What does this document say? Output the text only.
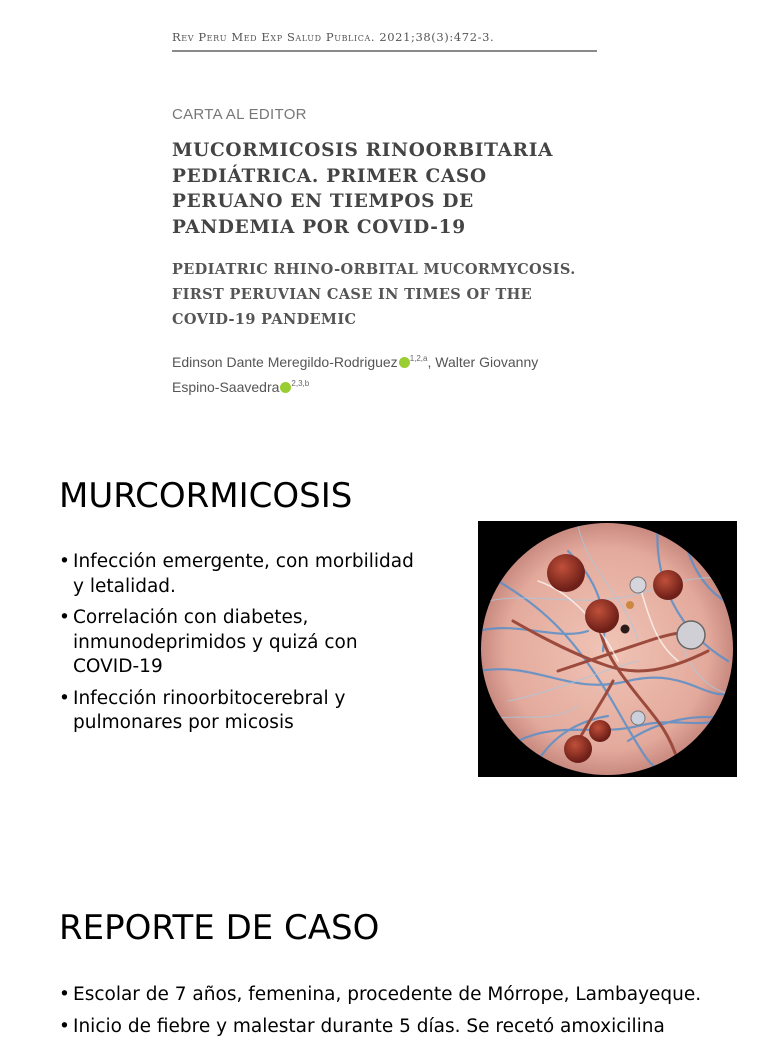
Rev Peru Med Exp Salud Publica. 2021;38(3):472-3.
CARTA AL EDITOR
MUCORMICOSIS RINOORBITARIA
PEDIÁTRICA. PRIMER CASO
PERUANO EN TIEMPOS DE
PANDEMIA POR COVID-19
PEDIATRIC RHINO-ORBITAL MUCORMYCOSIS.
FIRST PERUVIAN CASE IN TIMES OF THE
COVID-19 PANDEMIC
Edinson Dante Meregildo-Rodriguez $^{1,2,a}$, Walter Giovanny
Espino-Saavedra $^{2,3,b}$
MURCORMICOSIS
• Infección emergente, con morbilidad y letalidad.
• Correlación con diabetes, inmunodeprimidos y quizá con COVID-19
• Infección rinoorbitocerebral y pulmonares por micosis
REPORTE DE CASO
• Escolar de 7 años, femenina, procedente de Mórrope, Lambayeque.
• Inicio de fiebre y malestar durante 5 días. Se recetó amoxicilina
